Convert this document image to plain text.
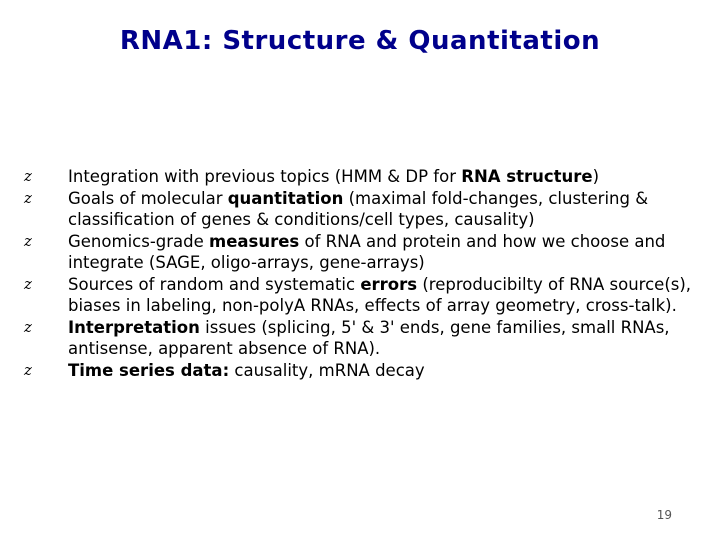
RNA1: Structure & Quantitation
z Integration with previous topics (HMM & DP for RNA structure)
z Goals of molecular quantitation (maximal fold-changes, clustering & classification of genes & conditions/cell types, causality)
z Genomics-grade measures of RNA and protein and how we choose and integrate (SAGE, oligo-arrays, gene-arrays)
z Sources of random and systematic errors (reproducibilty of RNA source(s), biases in labeling, non-polyA RNAs, effects of array geometry, cross-talk).
z Interpretation issues (splicing, 5' & 3' ends, gene families, small RNAs, antisense, apparent absence of RNA).
z Time series data: causality, mRNA decay
19
